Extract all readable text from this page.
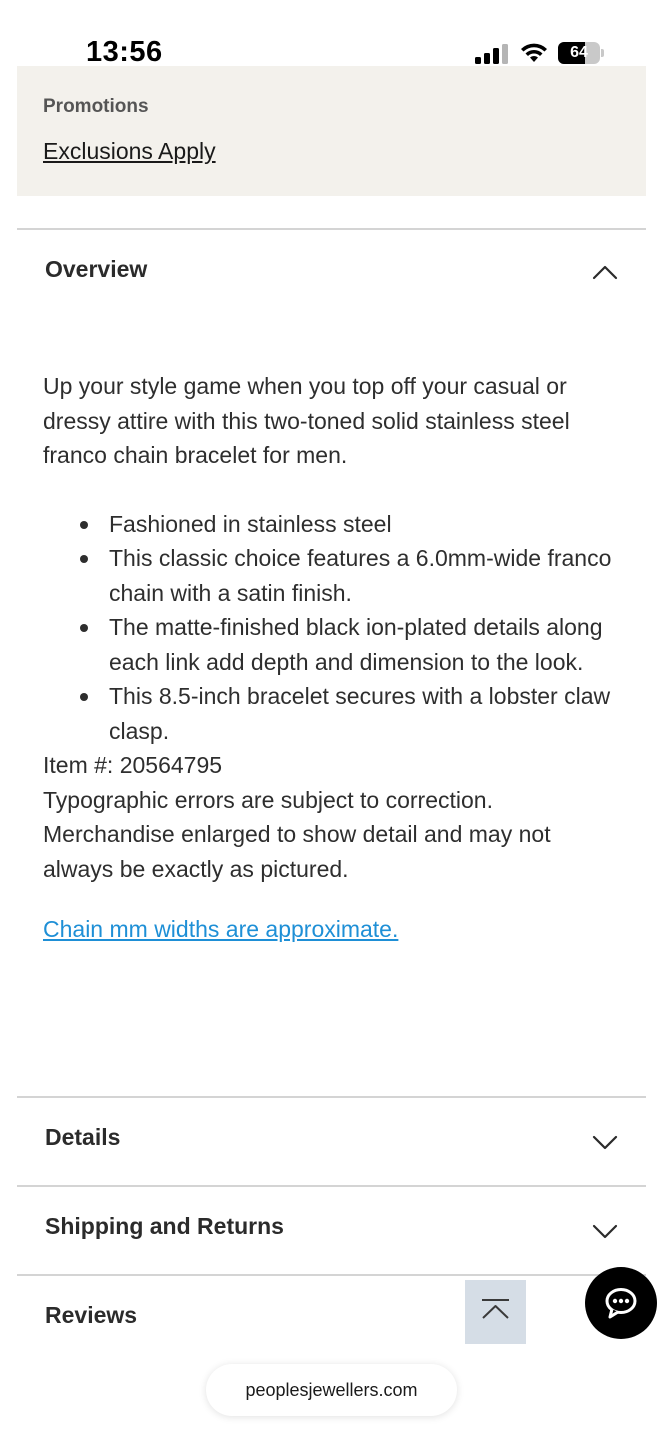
13:56	64
Promotions
Exclusions Apply
Overview

Up your style game when you top off your casual or dressy attire with this two-toned solid stainless steel franco chain bracelet for men.

Fashioned in stainless steel
This classic choice features a 6.0mm-wide franco chain with a satin finish.
The matte-finished black ion-plated details along each link add depth and dimension to the look.
This 8.5-inch bracelet secures with a lobster claw clasp.

Item #: 20564795

Typographic errors are subject to correction. Merchandise enlarged to show detail and may not always be exactly as pictured.

Chain mm widths are approximate.
Details
Shipping and Returns
Reviews
peoplesjewellers.com
